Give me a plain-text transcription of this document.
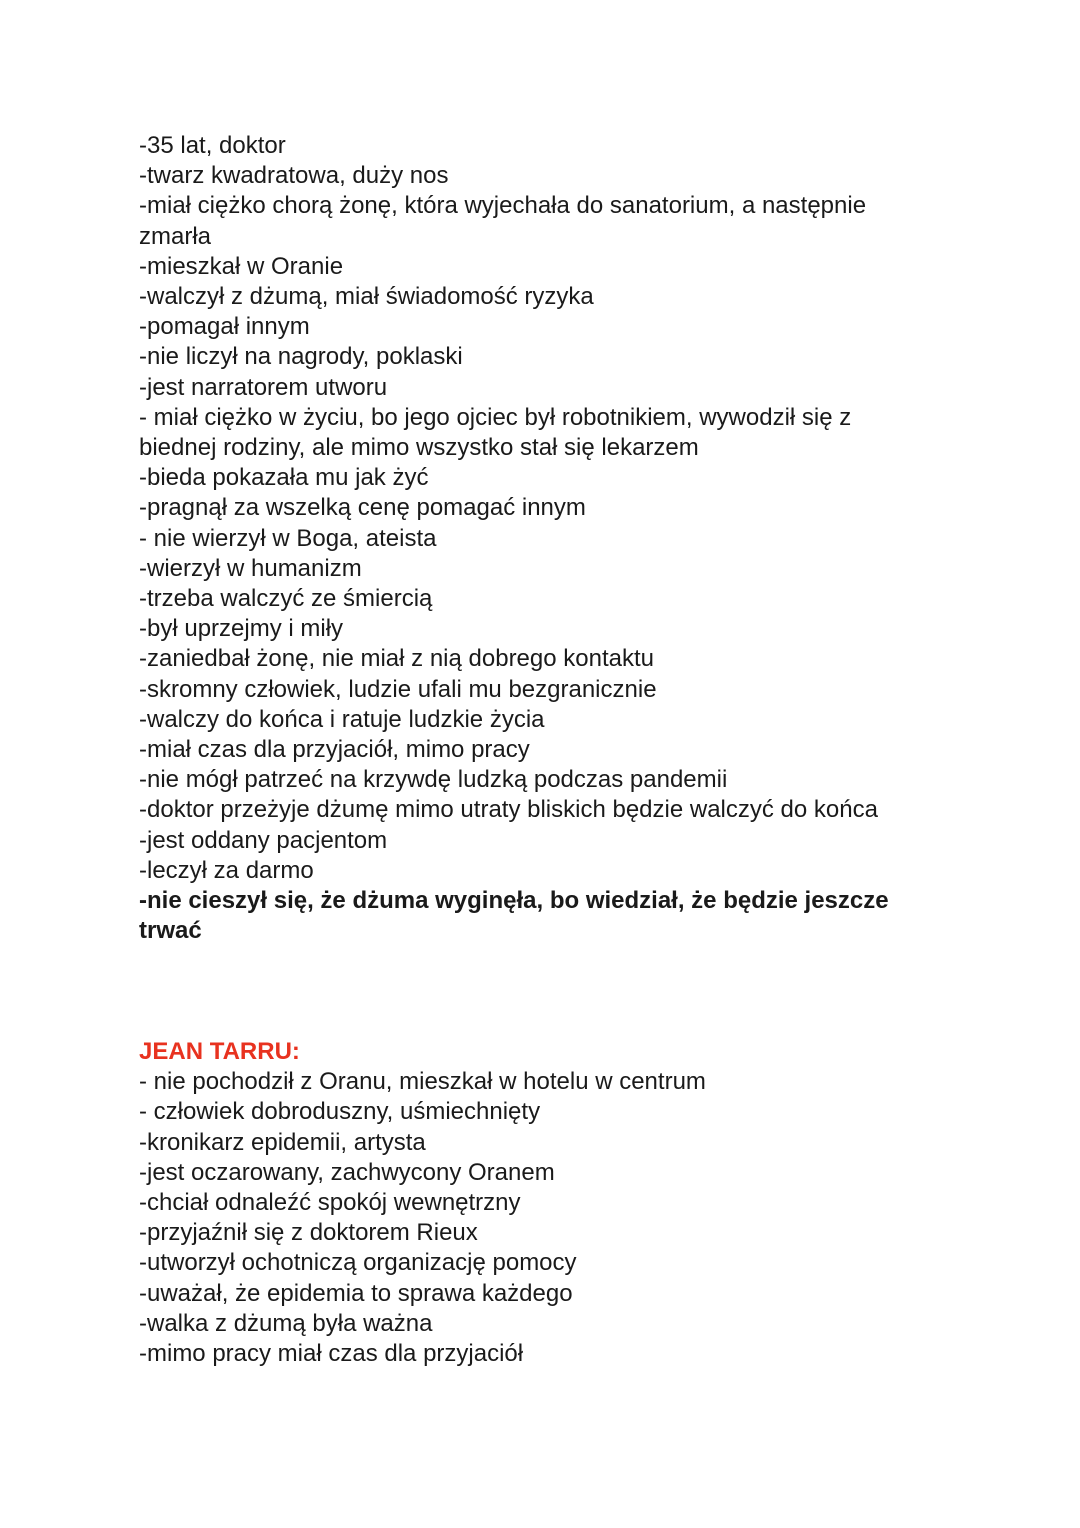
-35 lat, doktor
-twarz kwadratowa, duży nos
-miał ciężko chorą żonę, która wyjechała do sanatorium, a następnie
zmarła
-mieszkał w Oranie
-walczył z dżumą, miał świadomość ryzyka
-pomagał innym
-nie liczył na nagrody, poklaski
-jest narratorem utworu
- miał ciężko w życiu, bo jego ojciec był robotnikiem, wywodził się z
biednej rodziny, ale mimo wszystko stał się lekarzem
-bieda pokazała mu jak żyć
-pragnął za wszelką cenę pomagać innym
- nie wierzył w Boga, ateista
-wierzył w humanizm
-trzeba walczyć ze śmiercią
-był uprzejmy i miły
-zaniedbał żonę, nie miał z nią dobrego kontaktu
-skromny człowiek, ludzie ufali mu bezgranicznie
-walczy do końca i ratuje ludzkie życia
-miał czas dla przyjaciół, mimo pracy
-nie mógł patrzeć na krzywdę ludzką podczas pandemii
-doktor przeżyje dżumę mimo utraty bliskich będzie walczyć do końca
-jest oddany pacjentom
-leczył za darmo
-nie cieszył się, że dżuma wyginęła, bo wiedział, że będzie jeszcze
trwać
JEAN TARRU:
- nie pochodził z Oranu, mieszkał w hotelu w centrum
- człowiek dobroduszny, uśmiechnięty
-kronikarz epidemii, artysta
-jest oczarowany, zachwycony Oranem
-chciał odnaleźć spokój wewnętrzny
-przyjaźnił się z doktorem Rieux
-utworzył ochotniczą organizację pomocy
-uważał, że epidemia to sprawa każdego
-walka z dżumą była ważna
-mimo pracy miał czas dla przyjaciół
